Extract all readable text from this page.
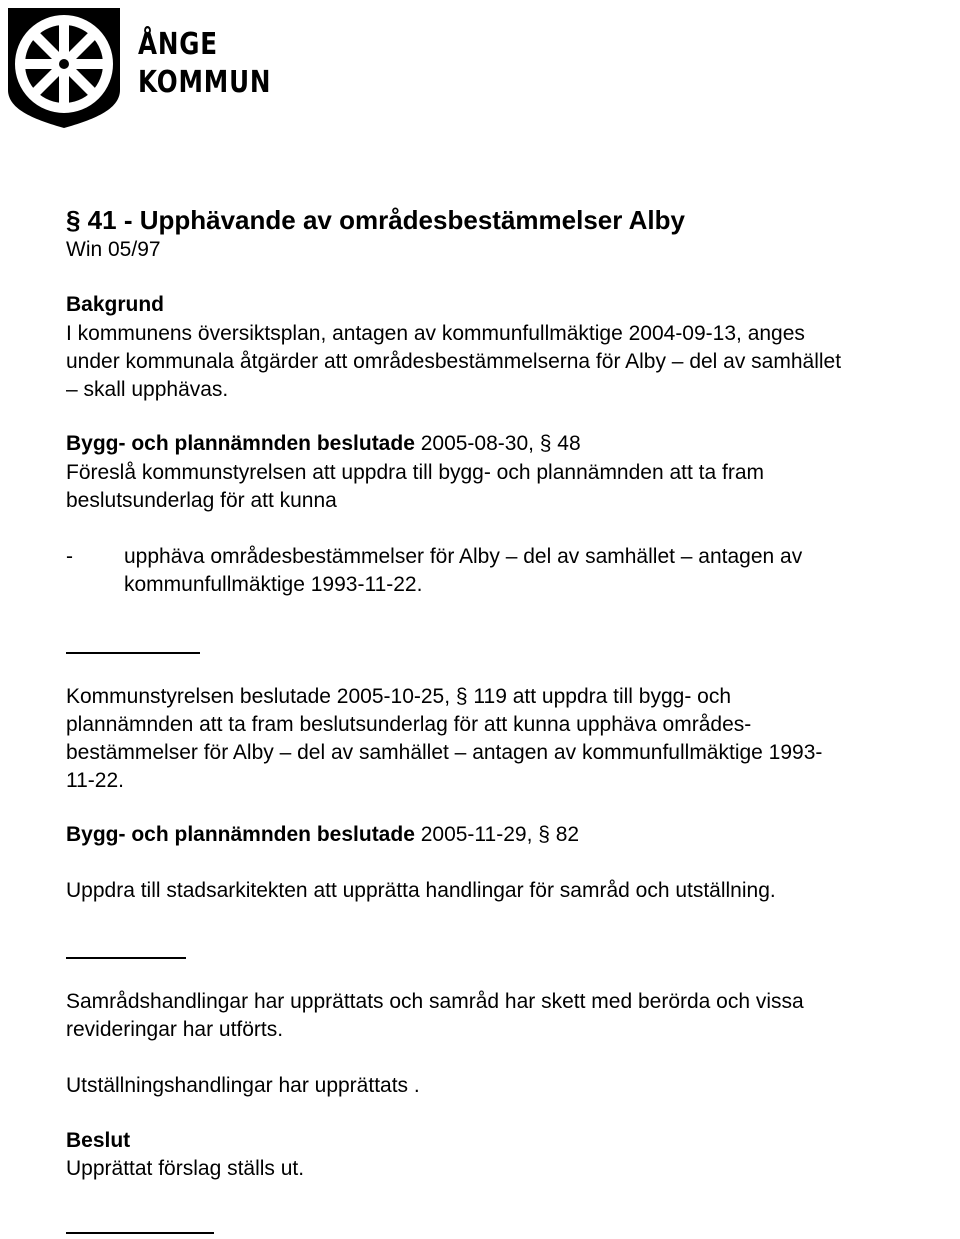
ÅNGE
KOMMUN
§ 41 - Upphävande av områdesbestämmelser Alby
Win 05/97
Bakgrund
I kommunens översiktsplan, antagen av kommunfullmäktige 2004-09-13, anges
under kommunala åtgärder att områdesbestämmelserna för Alby – del av samhället
– skall upphävas.
Bygg- och plannämnden beslutade 2005-08-30, § 48
Föreslå kommunstyrelsen att uppdra till bygg- och plannämnden att ta fram
beslutsunderlag för att kunna
- upphäva områdesbestämmelser för Alby – del av samhället – antagen av
kommunfullmäktige 1993-11-22.
Kommunstyrelsen beslutade 2005-10-25, § 119 att uppdra till bygg- och
plannämnden att ta fram beslutsunderlag för att kunna upphäva områdes-
bestämmelser för Alby – del av samhället – antagen av kommunfullmäktige 1993-
11-22.
Bygg- och plannämnden beslutade 2005-11-29, § 82
Uppdra till stadsarkitekten att upprätta handlingar för samråd och utställning.
Samrådshandlingar har upprättats och samråd har skett med berörda och vissa
revideringar har utförts.
Utställningshandlingar har upprättats .
Beslut
Upprättat förslag ställs ut.
